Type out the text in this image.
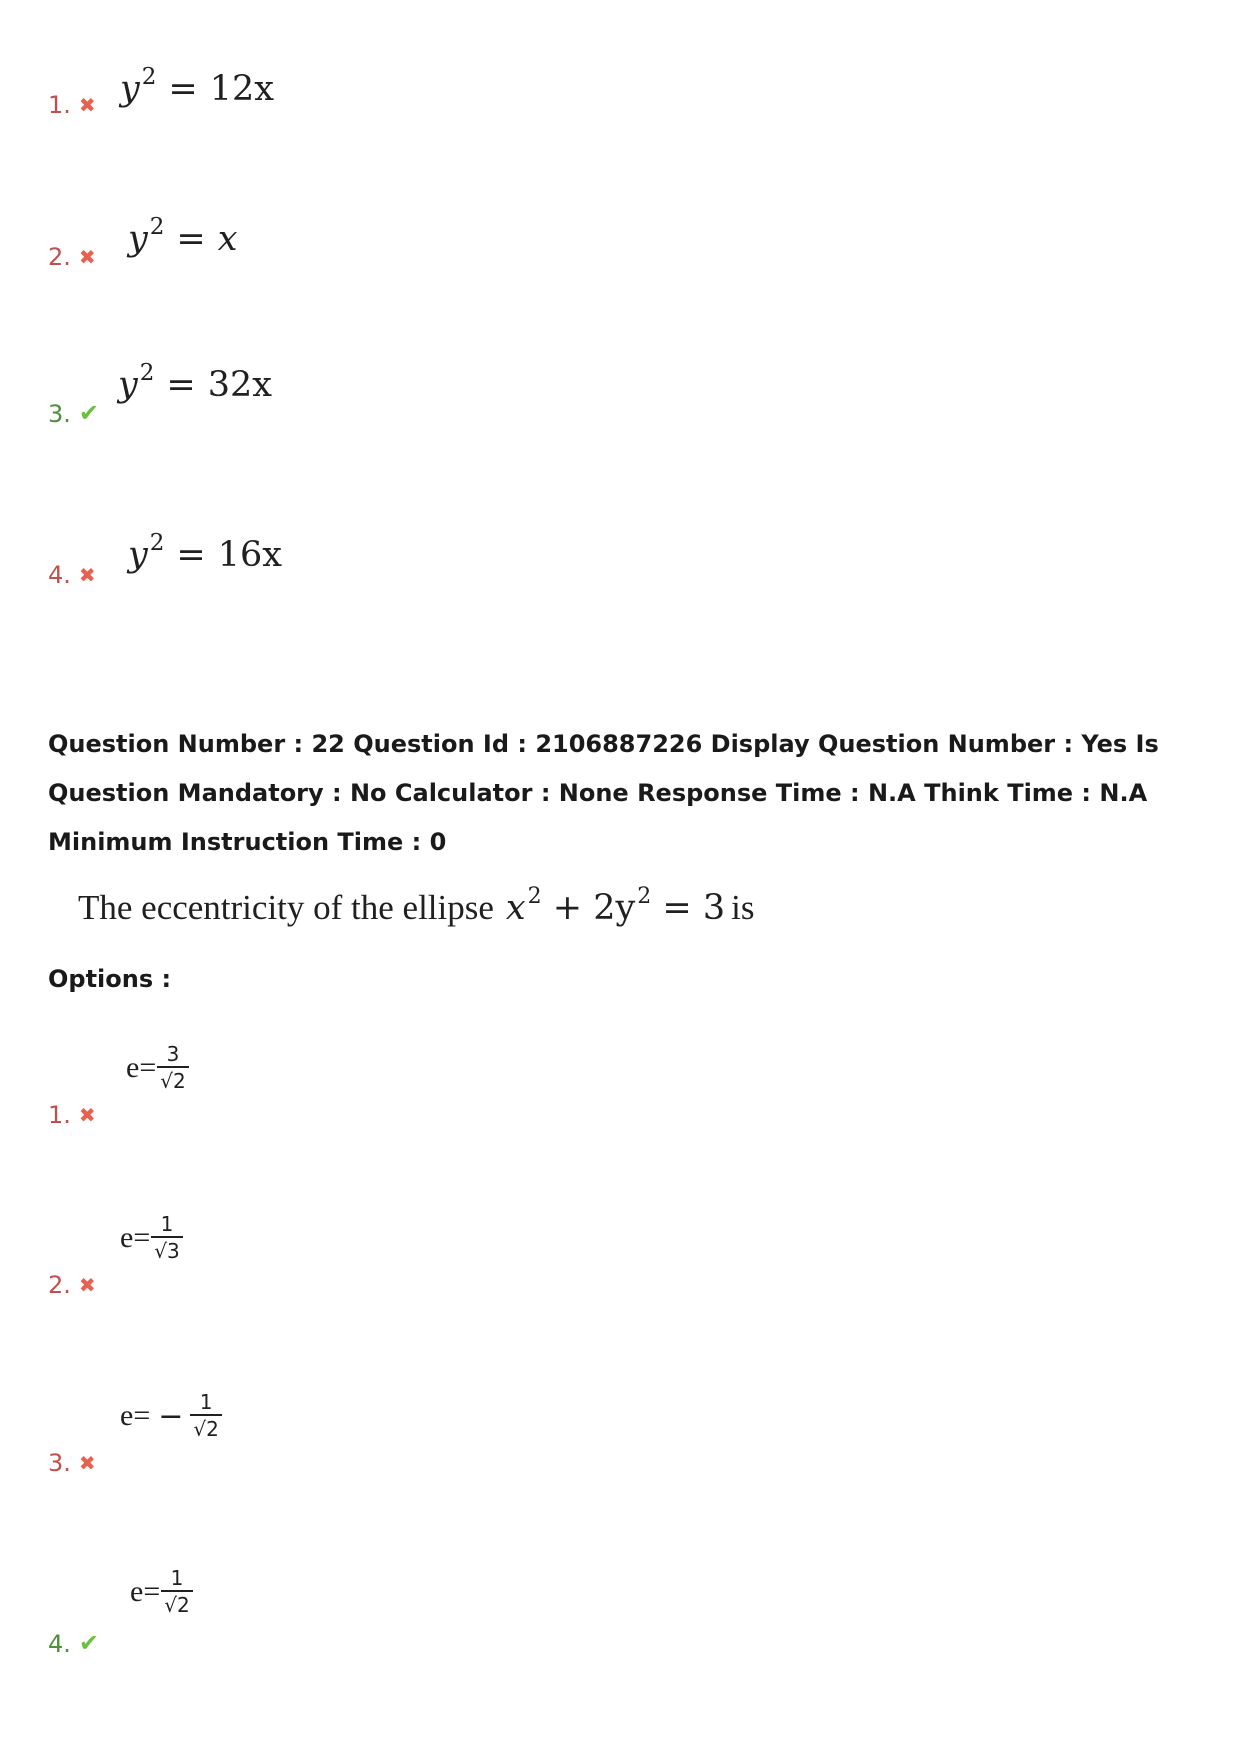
1. ✖ $y^2 = 12x$
2. ✖ $y^2 = x$
3. ✔
$y^2 = 32x$
4. ✖ $y^2 = 16x$
Question Number : 22 Question Id : 2106887226 Display Question Number : Yes Is Question Mandatory : No Calculator : None Response Time : N.A Think Time : N.A Minimum Instruction Time : 0
The eccentricity of the ellipse $x^2 + 2y^2 = 3$ is
Options :
1. ✖
$e= \frac{3}{√2}$
2. ✖
$e= \frac{1}{√3}$
3. ✖
$e= - \frac{1}{√2}$
4. ✔
$e= \frac{1}{√2}$
